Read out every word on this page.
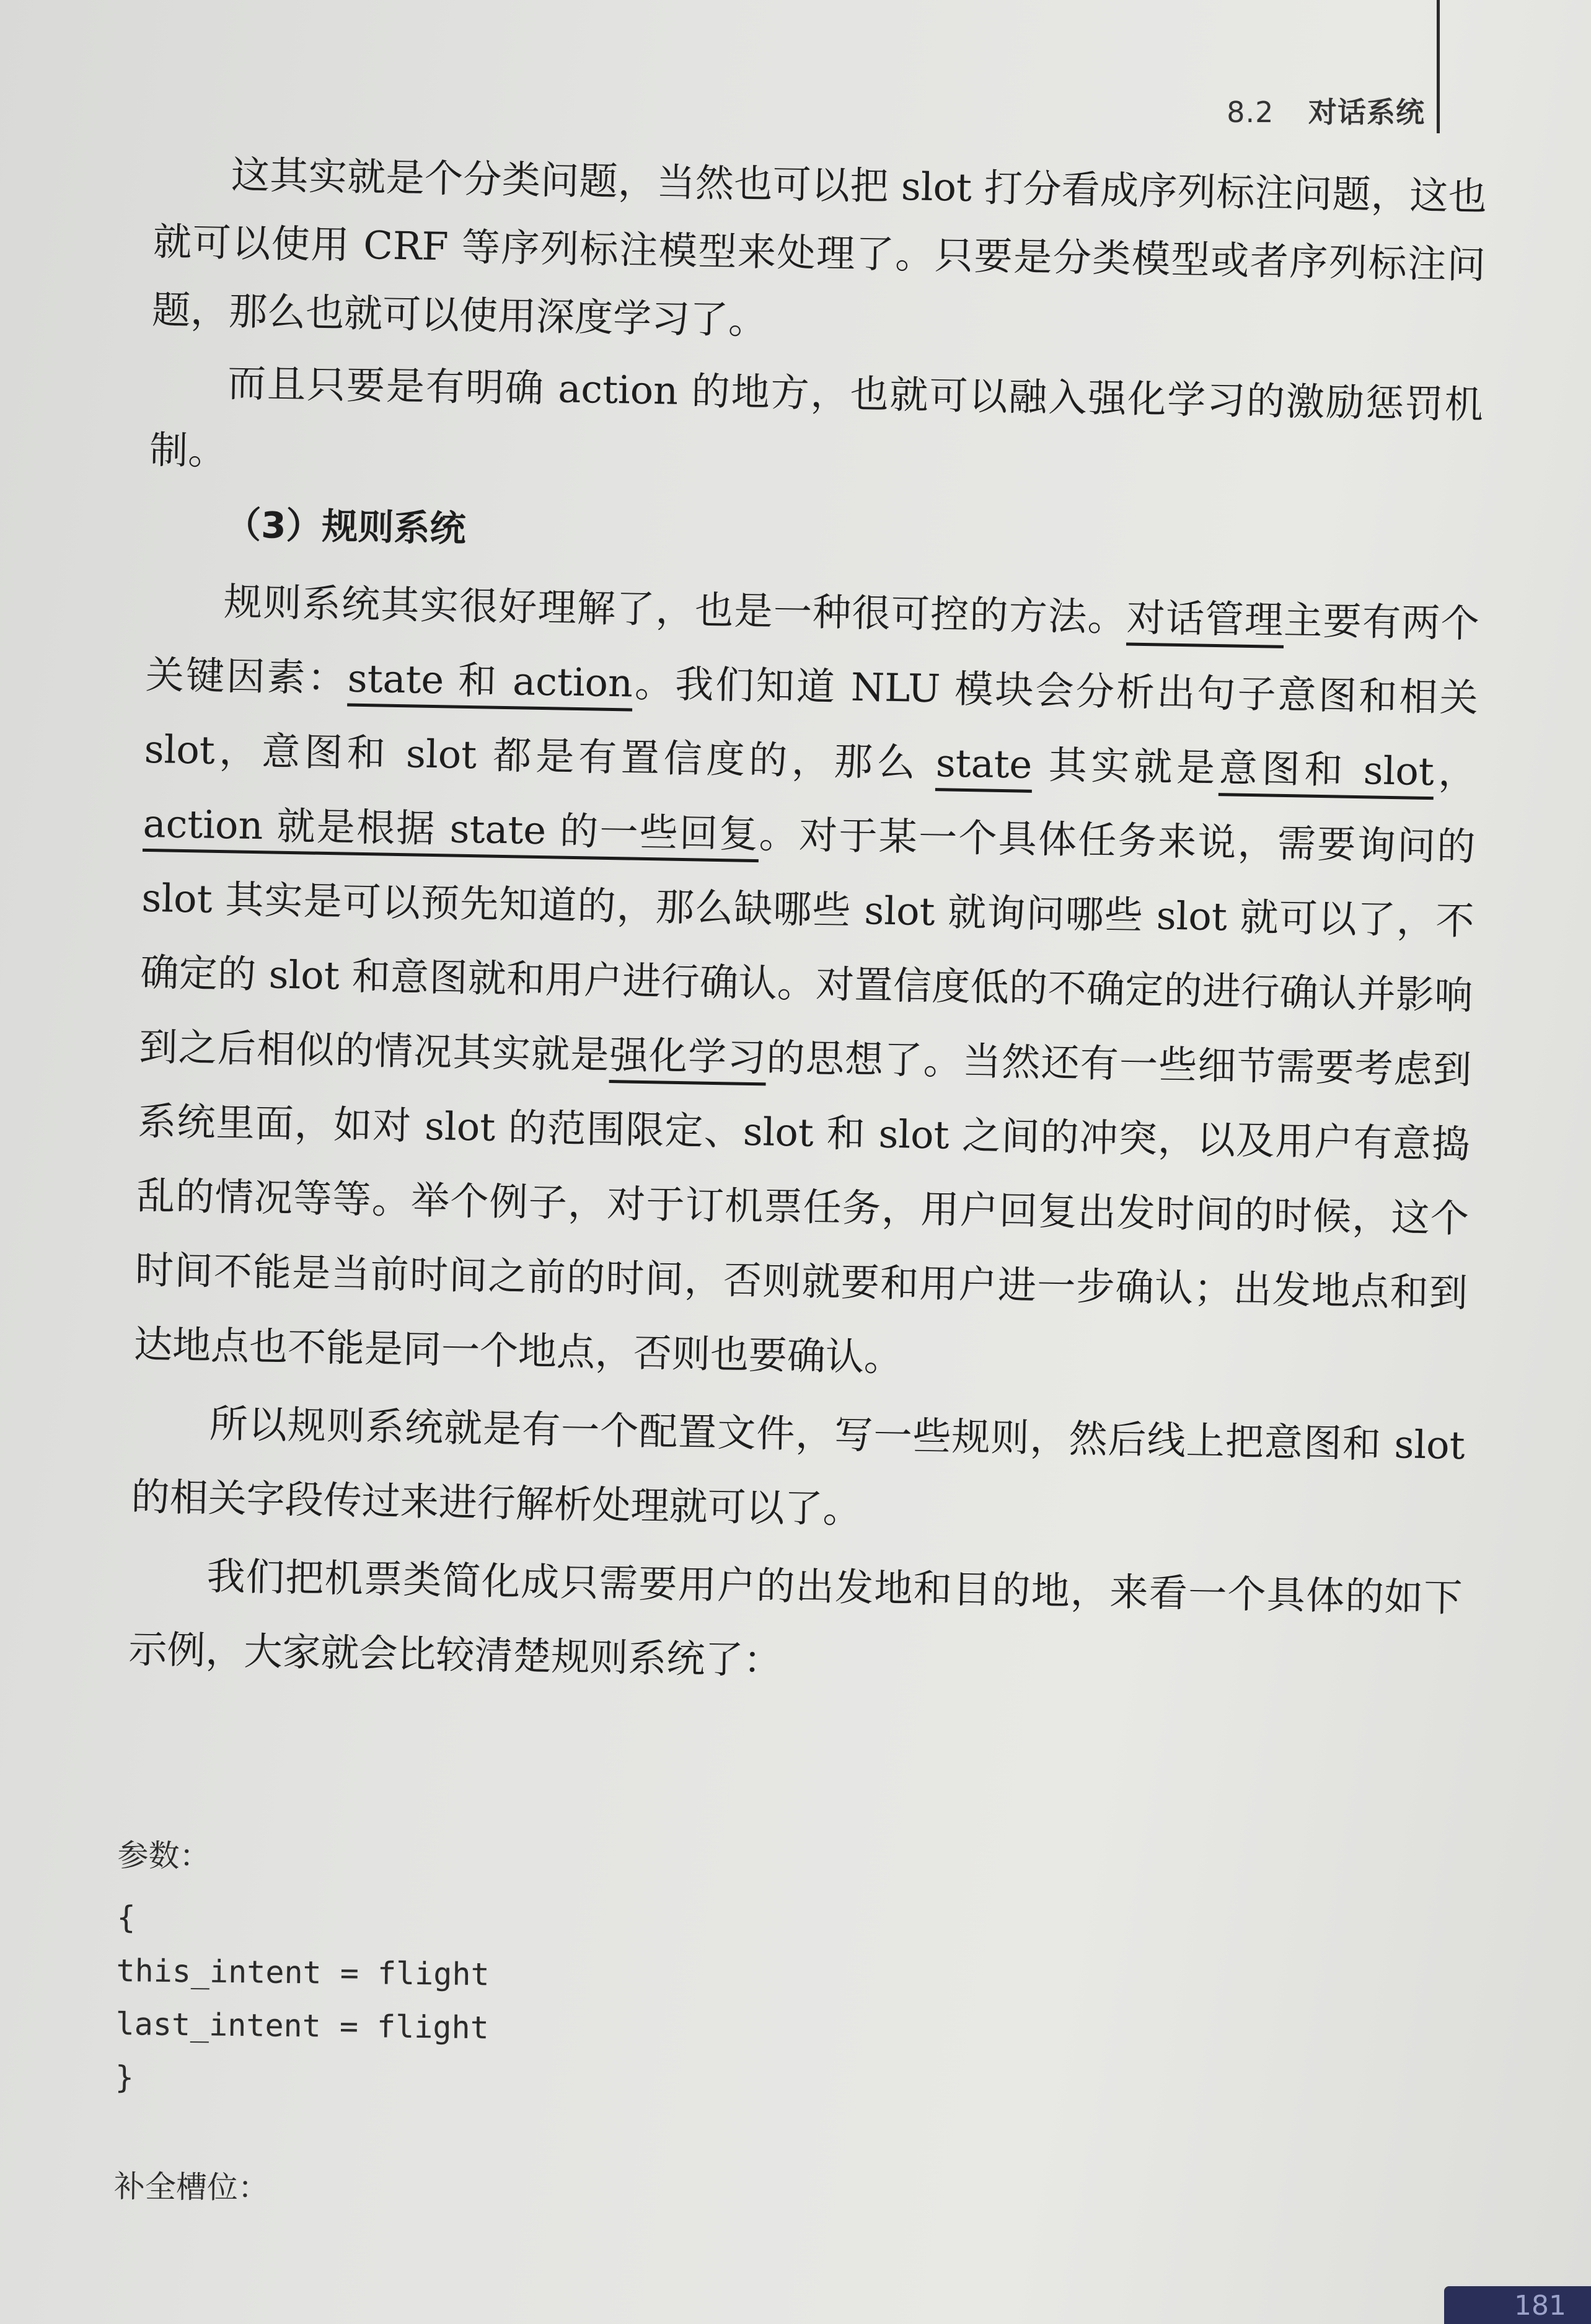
8.2 对话系统

这其实就是个分类问题，当然也可以把 slot 打分看成序列标注问题，这也就可以使用 CRF 等序列标注模型来处理了。只要是分类模型或者序列标注问题，那么也就可以使用深度学习了。

而且只要是有明确 action 的地方，也就可以融入强化学习的激励惩罚机制。

（3）规则系统

规则系统其实很好理解了，也是一种很可控的方法。对话管理主要有两个关键因素：state 和 action。我们知道 NLU 模块会分析出句子意图和相关 slot，意图和 slot 都是有置信度的，那么 state 其实就是意图和 slot，action 就是根据 state 的一些回复。对于某一个具体任务来说，需要询问的 slot 其实是可以预先知道的，那么缺哪些 slot 就询问哪些 slot 就可以了，不确定的 slot 和意图就和用户进行确认。对置信度低的不确定的进行确认并影响到之后相似的情况其实就是强化学习的思想了。当然还有一些细节需要考虑到系统里面，如对 slot 的范围限定、slot 和 slot 之间的冲突，以及用户有意捣乱的情况等等。举个例子，对于订机票任务，用户回复出发时间的时候，这个时间不能是当前时间之前的时间，否则就要和用户进一步确认；出发地点和到达地点也不能是同一个地点，否则也要确认。

所以规则系统就是有一个配置文件，写一些规则，然后线上把意图和 slot 的相关字段传过来进行解析处理就可以了。

我们把机票类简化成只需要用户的出发地和目的地，来看一个具体的如下示例，大家就会比较清楚规则系统了：

参数：
{
this_intent = flight
last_intent = flight
}
补全槽位：
181
